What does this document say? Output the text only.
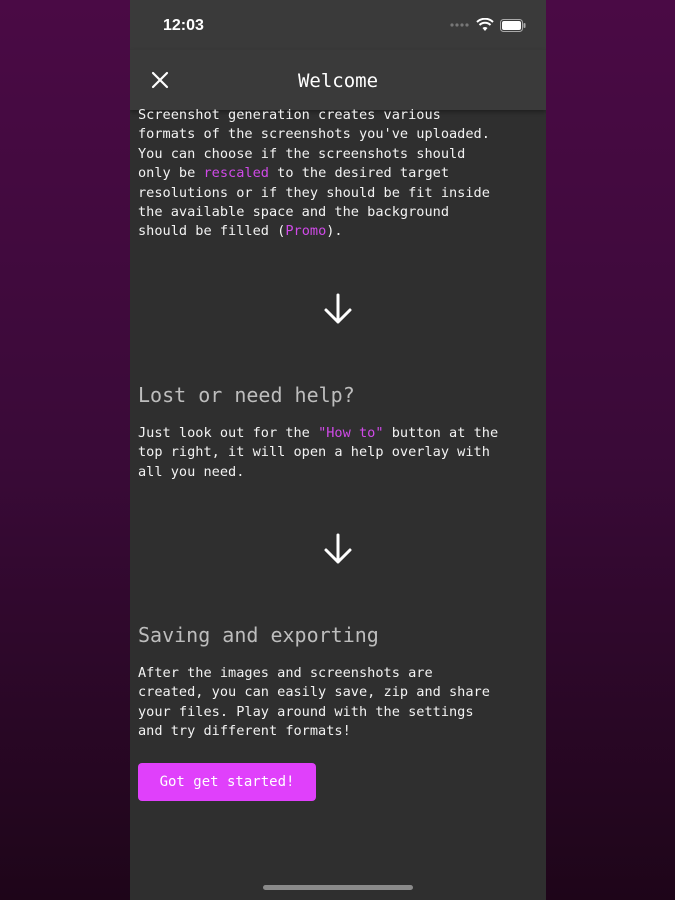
12:03
Welcome

Screenshot generation creates various
formats of the screenshots you've uploaded.
You can choose if the screenshots should
only be rescaled to the desired target
resolutions or if they should be fit inside
the available space and the background
should be filled (Promo).

Lost or need help?

Just look out for the "How to" button at the
top right, it will open a help overlay with
all you need.

Saving and exporting

After the images and screenshots are
created, you can easily save, zip and share
your files. Play around with the settings
and try different formats!

Got get started!
